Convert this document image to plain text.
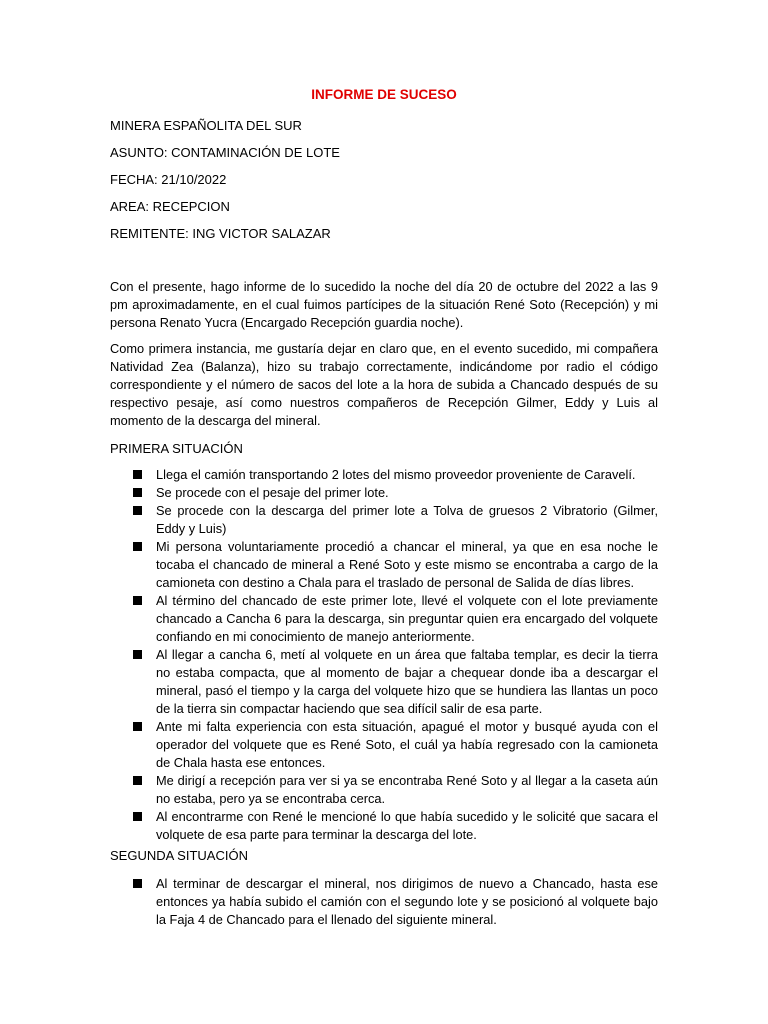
INFORME DE SUCESO
MINERA ESPAÑOLITA DEL SUR
ASUNTO: CONTAMINACIÓN DE LOTE
FECHA: 21/10/2022
AREA: RECEPCION
REMITENTE: ING VICTOR SALAZAR
Con el presente, hago informe de lo sucedido la noche del día 20 de octubre del 2022 a las 9 pm aproximadamente, en el cual fuimos partícipes de la situación René Soto (Recepción) y mi persona Renato Yucra (Encargado Recepción guardia noche).
Como primera instancia, me gustaría dejar en claro que, en el evento sucedido, mi compañera Natividad Zea (Balanza), hizo su trabajo correctamente, indicándome por radio el código correspondiente y el número de sacos del lote a la hora de subida a Chancado después de su respectivo pesaje, así como nuestros compañeros de Recepción Gilmer, Eddy y Luis al momento de la descarga del mineral.
PRIMERA SITUACIÓN
Llega el camión transportando 2 lotes del mismo proveedor proveniente de Caravelí.
Se procede con el pesaje del primer lote.
Se procede con la descarga del primer lote a Tolva de gruesos 2 Vibratorio (Gilmer, Eddy y Luis)
Mi persona voluntariamente procedió a chancar el mineral, ya que en esa noche le tocaba el chancado de mineral a René Soto y este mismo se encontraba a cargo de la camioneta con destino a Chala para el traslado de personal de Salida de días libres.
Al término del chancado de este primer lote, llevé el volquete con el lote previamente chancado a Cancha 6 para la descarga, sin preguntar quien era encargado del volquete confiando en mi conocimiento de manejo anteriormente.
Al llegar a cancha 6, metí al volquete en un área que faltaba templar, es decir la tierra no estaba compacta, que al momento de bajar a chequear donde iba a descargar el mineral, pasó el tiempo y la carga del volquete hizo que se hundiera las llantas un poco de la tierra sin compactar haciendo que sea difícil salir de esa parte.
Ante mi falta experiencia con esta situación, apagué el motor y busqué ayuda con el operador del volquete que es René Soto, el cuál ya había regresado con la camioneta de Chala hasta ese entonces.
Me dirigí a recepción para ver si ya se encontraba René Soto y al llegar a la caseta aún no estaba, pero ya se encontraba cerca.
Al encontrarme con René le mencioné lo que había sucedido y le solicité que sacara el volquete de esa parte para terminar la descarga del lote.
SEGUNDA SITUACIÓN
Al terminar de descargar el mineral, nos dirigimos de nuevo a Chancado, hasta ese entonces ya había subido el camión con el segundo lote y se posicionó al volquete bajo la Faja 4 de Chancado para el llenado del siguiente mineral.
